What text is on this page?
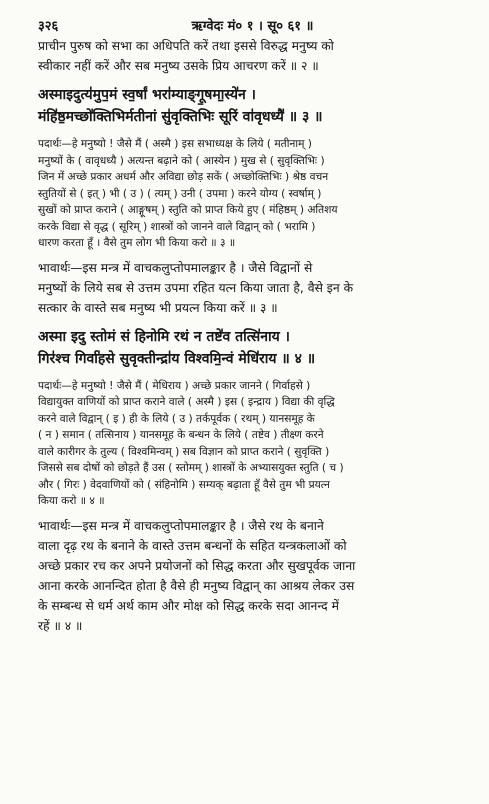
३२६	ऋग्वेदः मं० १ । सू० ६१ ॥

प्राचीन पुरुष को सभा का अधिपति करें तथा इससे विरुद्ध मनुष्य को

स्वीकार नहीं करें और सब मनुष्य उसके प्रिय आचरण करें ॥ २ ॥

अस्माइदुत्य॑मुप॒मं स्व॒र्षां भरा॑म्याङ्गू॒षमा॒स्ये॑न ।
मंहि॑ष्ठ॒मच्छो॑क्तिभिर्मतीनां सु॑वृक्तिभिः सूरिं वा॑वृधध्यै॑ ॥ ३ ॥

पदार्थः—हे मनुष्यो ! जैसे मैं ( अस्मै ) इस सभाध्यक्ष के लिये ( मतीनाम् )

मनुष्यों के ( वावृधध्यै ) अत्यन्त बढ़ाने को ( आस्येन ) मुख से ( सुवृक्तिभिः )

जिन में अच्छे प्रकार अधर्म और अविद्या छोड़ सकें ( अच्छोक्तिभिः ) श्रेष्ठ वचन

स्तुतियों से ( इत् ) भी ( उ ) ( त्यम् ) उनी ( उपमा ) करने योग्य ( स्वर्षाम् )

सुखों को प्राप्त कराने ( आङ्गूषम् ) स्तुति को प्राप्त किये हुए ( मंहिष्ठम् ) अतिशय

करके विद्या से वृद्ध ( सूरिम् ) शास्त्रों को जानने वाले विद्वान् को ( भरामि )

धारण करता हूँ । वैसे तुम लोग भी किया करो ॥ ३ ॥

भावार्थः—इस मन्त्र में वाचकलुप्तोपमालङ्कार है । जैसे विद्वानों से

मनुष्यों के लिये सब से उत्तम उपमा रहित यत्न किया जाता है, वैसे इन के

सत्कार के वास्ते सब मनुष्य भी प्रयत्न किया करें ॥ ३ ॥

अस्मा इदु स्तोमं सं हिनोमि रथं न तष्टे॑व तत्सि॑नाय ।
गिर॑श्च गिर्वा॑हसे सुवृक्तीन्द्रा॑य विश्वमि॒न्वं मेधि॑राय ॥ ४ ॥

पदार्थः—हे मनुष्यो ! जैसे मैं ( मेधिराय ) अच्छे प्रकार जानने ( गिर्वाहसे )

विद्यायुक्त वाणियों को प्राप्त कराने वाले ( अस्मै ) इस ( इन्द्राय ) विद्या की वृद्धि

करने वाले विद्वान् ( इ ) ही के लिये ( उ ) तर्कपूर्वक ( रथम् ) यानसमूह के

( न ) समान ( तत्सिनाय ) यानसमूह के बन्धन के लिये ( तष्टेव ) तीक्ष्ण करने

वाले कारीगर के तुल्य ( विश्वमिन्वम् ) सब विज्ञान को प्राप्त कराने ( सुवृक्ति )

जिससे सब दोषों को छोड़ते हैं उस ( स्तोमम् ) शास्त्रों के अभ्यासयुक्त स्तुति ( च )

और ( गिरः ) वेदवाणियों को ( संहिनोमि ) सम्यक् बढ़ाता हूँ वैसे तुम भी प्रयत्न

किया करो ॥ ४ ॥

भावार्थः—इस मन्त्र में वाचकलुप्तोपमालङ्कार है । जैसे रथ के बनाने

वाला दृढ़ रथ के बनाने के वास्ते उत्तम बन्धनों के सहित यन्त्रकलाओं को

अच्छे प्रकार रच कर अपने प्रयोजनों को सिद्ध करता और सुखपूर्वक जाना

आना करके आनन्दित होता है वैसे ही मनुष्य विद्वान् का आश्रय लेकर उस

के सम्बन्ध से धर्म अर्थ काम और मोक्ष को सिद्ध करके सदा आनन्द में

रहें ॥ ४ ॥
